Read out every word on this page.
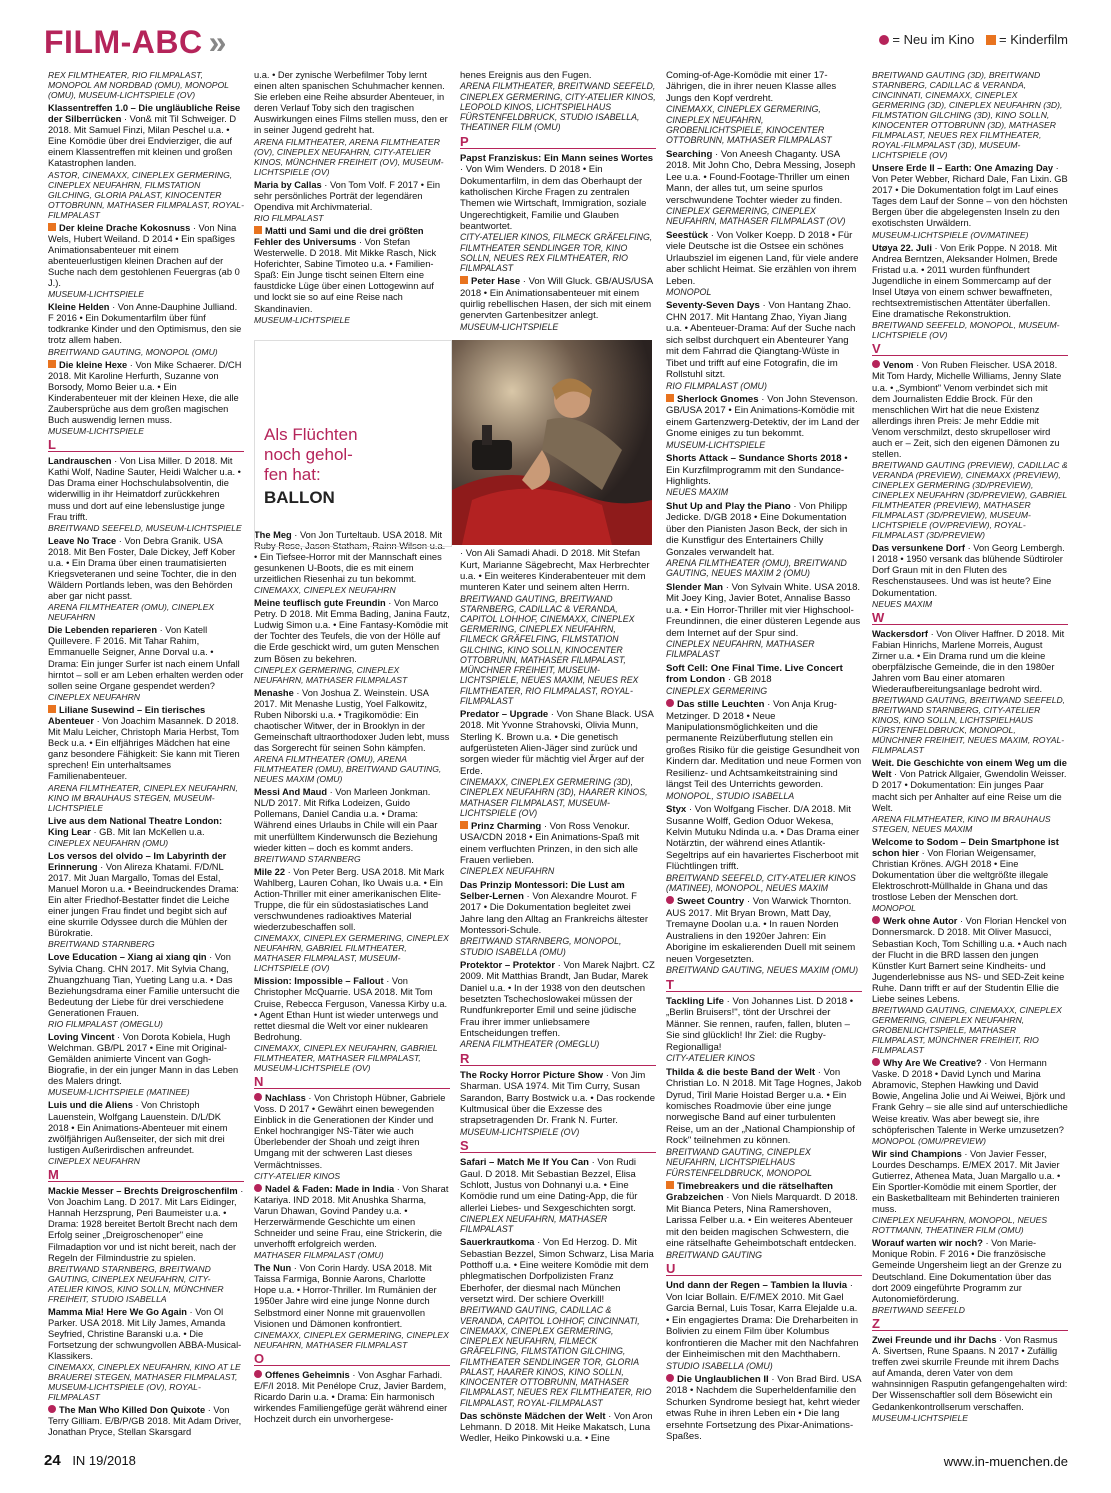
FILM-ABC »	= Neu im Kino = Kinderfilm
REX FILMTHEATER, RIO FILMPALAST, MONOPOL AM NORDBAD (OMU), MONOPOL (OMU), MUSEUM-LICHTSPIELE (OV)
Klassentreffen 1.0 – Die ungläubliche Reise der Silberrücken · Von& mit Til Schweiger. D 2018. Mit Samuel Finzi, Milan Peschel u.a. • Eine Komödie über drei Endvierziger, die auf einem Klassentreffen mit kleinen und großen Katastrophen landen.
ASTOR, CINEMAXX, CINEPLEX GERMERING, CINEPLEX NEUFAHRN, FILMSTATION GILCHING, GLORIA PALAST, KINOCENTER OTTOBRUNN, MATHASER FILMPALAST, ROYAL-FILMPALAST
Der kleine Drache Kokosnuss · Von Nina Wels, Hubert Weiland. D 2014 • Ein spaßiges Animationsabenteuer mit einem abenteuerlustigen kleinen Drachen auf der Suche nach dem gestohlenen Feuergras (ab 0 J.).
MUSEUM-LICHTSPIELE
Kleine Helden · Von Anne-Dauphine Julliand. F 2016 • Ein Dokumentarfilm über fünf todkranke Kinder und den Optimismus, den sie trotz allem haben.
BREITWAND GAUTING, MONOPOL (OMU)
Die kleine Hexe · Von Mike Schaerer. D/CH 2018. Mit Karoline Herfurth, Suzanne von Borsody, Momo Beier u.a. • Ein Kinderabenteuer mit der kleinen Hexe, die alle Zaubersprüche aus dem großen magischen Buch auswendig lernen muss.
MUSEUM-LICHTSPIELE
L
Landrauschen · Von Lisa Miller. D 2018. Mit Kathi Wolf, Nadine Sauter, Heidi Walcher u.a. • Das Drama einer Hochschulabsolventin, die widerwillig in ihr Heimatdorf zurückkehren muss und dort auf eine lebenslustige junge Frau trifft.
BREITWAND SEEFELD, MUSEUM-LICHTSPIELE
Leave No Trace · Von Debra Granik. USA 2018. Mit Ben Foster, Dale Dickey, Jeff Kober u.a. • Ein Drama über einen traumatisierten Kriegsveteranen und seine Tochter, die in den Wäldern Portlands leben, was den Behörden aber gar nicht passt.
ARENA FILMTHEATER (OMU), CINEPLEX NEUFAHRN
Die Lebenden reparieren · Von Katell Quillevere. F 2016. Mit Tahar Rahim, Emmanuelle Seigner, Anne Dorval u.a. • Drama: Ein junger Surfer ist nach einem Unfall hirntot – soll er am Leben erhalten werden oder sollen seine Organe gespendet werden?
CINEPLEX NEUFAHRN
Liliane Susewind – Ein tierisches Abenteuer · Von Joachim Masannek. D 2018. Mit Malu Leicher, Christoph Maria Herbst, Tom Beck u.a. • Ein elfjähriges Mädchen hat eine ganz besondere Fähigkeit: Sie kann mit Tieren sprechen! Ein unterhaltsames Familienabenteuer.
ARENA FILMTHEATER, CINEPLEX NEUFAHRN, KINO IM BRAUHAUS STEGEN, MUSEUM-LICHTSPIELE
Live aus dem National Theatre London: King Lear · GB. Mit Ian McKellen u.a.
CINEPLEX NEUFAHRN (OMU)
Los versos del olvido – Im Labyrinth der Erinnerung · Von Alireza Khatami. F/D/NL 2017. Mit Juan Margallo, Tomas del Estal, Manuel Moron u.a. • Beeindruckendes Drama: Ein alter Friedhof-Bestatter findet die Leiche einer jungen Frau findet und begibt sich auf eine skurrile Odyssee durch die Mühlen der Bürokratie.
BREITWAND STARNBERG
Love Education – Xiang ai xiang qin · Von Sylvia Chang. CHN 2017. Mit Sylvia Chang, Zhuangzhuang Tian, Yueting Lang u.a. • Das Beziehungsdrama einer Familie untersucht die Bedeutung der Liebe für drei verschiedene Generationen Frauen.
RIO FILMPALAST (OMEGLU)
Loving Vincent · Von Dorota Kobiela, Hugh Welchman. GB/PL 2017 • Eine mit Original-Gemälden animierte Vincent van Gogh-Biografie, in der ein junger Mann in das Leben des Malers dringt.
MUSEUM-LICHTSPIELE (MATINEE)
Luis und die Aliens · Von Christoph Lauenstein, Wolfgang Lauenstein. D/L/DK 2018 • Ein Animations-Abenteuer mit einem zwölfjährigen Außenseiter, der sich mit drei lustigen Außerirdischen anfreundet.
CINEPLEX NEUFAHRN
M
Mackie Messer – Brechts Dreigroschenfilm · Von Joachim Lang. D 2017. Mit Lars Eidinger, Hannah Herzsprung, Peri Baumeister u.a. • Drama: 1928 bereitet Bertolt Brecht nach dem Erfolg seiner „Dreigroschenoper" eine Filmadaption vor und ist nicht bereit, nach der Regeln der Filmindustrie zu spielen.
BREITWAND STARNBERG, BREITWAND GAUTING, CINEPLEX NEUFAHRN, CITY-ATELIER KINOS, KINO SOLLN, MÜNCHNER FREIHEIT, STUDIO ISABELLA
Mamma Mia! Here We Go Again · Von Ol Parker. USA 2018. Mit Lily James, Amanda Seyfried, Christine Baranski u.a. • Die Fortsetzung der schwungvollen ABBA-Musical-Klassikers.
CINEMAXX, CINEPLEX NEUFAHRN, KINO AT LE BRAUEREI STEGEN, MATHASER FILMPALAST, MUSEUM-LICHTSPIELE (OV), ROYAL-FILMPALAST
The Man Who Killed Don Quixote · Von Terry Gilliam. E/B/P/GB 2018. Mit Adam Driver, Jonathan Pryce, Stellan Skarsgard
u.a. • Der zynische Werbefilmer Toby lernt einen alten spanischen Schuhmacher kennen. Sie erleben eine Reihe absurder Abenteuer, in deren Verlauf Toby sich den tragischen Auswirkungen eines Films stellen muss, den er in seiner Jugend gedreht hat.
ARENA FILMTHEATER, ARENA FILMTHEATER (OV), CINEPLEX NEUFAHRN, CITY-ATELIER KINOS, MÜNCHNER FREIHEIT (OV), MUSEUM-LICHTSPIELE (OV)
Maria by Callas · Von Tom Volf. F 2017 • Ein sehr persönliches Porträt der legendären Opendiva mit Archivmaterial.
RIO FILMPALAST
Matti und Sami und die drei größten Fehler des Universums · Von Stefan Westerwelle. D 2018. Mit Mikke Rasch, Nick Hoferichter, Sabine Timoteo u.a. • Familien-Spaß: Ein Junge tischt seinen Eltern eine faustdicke Lüge über einen Lottogewinn auf und lockt sie so auf eine Reise nach Skandinavien.
MUSEUM-LICHTSPIELE
The Meg · Von Jon Turteltaub. USA 2018. Mit Ruby Rose, Jason Statham, Rainn Wilson u.a. • Ein Tiefsee-Horror mit der Mannschaft eines gesunkenen U-Boots, die es mit einem urzeitlichen Riesenhai zu tun bekommt.
CINEMAXX, CINEPLEX NEUFAHRN
Meine teuflisch gute Freundin · Von Marco Petry. D 2018. Mit Emma Bading, Janina Fautz, Ludwig Simon u.a. • Eine Fantasy-Komödie mit der Tochter des Teufels, die von der Hölle auf die Erde geschickt wird, um guten Menschen zum Bösen zu bekehren.
CINEPLEX GERMERING, CINEPLEX NEUFAHRN, MATHASER FILMPALAST
Menashe · Von Joshua Z. Weinstein. USA 2017. Mit Menashe Lustig, Yoel Falkowitz, Ruben Niborski u.a. • Tragikomödie: Ein chaotischer Witwer, der in Brooklyn in der Gemeinschaft ultraorthodoxer Juden lebt, muss das Sorgerecht für seinen Sohn kämpfen.
ARENA FILMTHEATER (OMU), ARENA FILMTHEATER (OMU), BREITWAND GAUTING, NEUES MAXIM (OMU)
Messi And Maud · Von Marleen Jonkman. NL/D 2017. Mit Rifka Lodeizen, Guido Pollemans, Daniel Candia u.a. • Drama: Während eines Urlaubs in Chile will ein Paar mit unerfülltem Kinderwunsch die Beziehung wieder kitten – doch es kommt anders.
BREITWAND STARNBERG
Mile 22 · Von Peter Berg. USA 2018. Mit Mark Wahlberg, Lauren Cohan, Iko Uwais u.a. • Ein Action-Thriller mit einer amerikanischen Elite-Truppe, die für ein südostasiatisches Land verschwundenes radioaktives Material wiederzubeschaffen soll.
CINEMAXX, CINEPLEX GERMERING, CINEPLEX NEUFAHRN, GABRIEL FILMTHEATER, MATHASER FILMPALAST, MUSEUM-LICHTSPIELE (OV)
Mission: Impossible – Fallout · Von Christopher McQuarrie. USA 2018. Mit Tom Cruise, Rebecca Ferguson, Vanessa Kirby u.a. • Agent Ethan Hunt ist wieder unterwegs und rettet diesmal die Welt vor einer nuklearen Bedrohung.
CINEMAXX, CINEPLEX NEUFAHRN, GABRIEL FILMTHEATER, MATHASER FILMPALAST, MUSEUM-LICHTSPIELE (OV)
N
Nachlass · Von Christoph Hübner, Gabriele Voss. D 2017 • Gewährt einen bewegenden Einblick in die Generationen der Kinder und Enkel hochrangiger NS-Täter wie auch Überlebender der Shoah und zeigt ihren Umgang mit der schweren Last dieses Vermächtnisses.
CITY-ATELIER KINOS
Nadel & Faden: Made in India · Von Sharat Katariya. IND 2018. Mit Anushka Sharma, Varun Dhawan, Govind Pandey u.a. • Herzerwärmende Geschichte um einen Schneider und seine Frau, eine Strickerin, die unverhofft erfolgreich werden.
MATHASER FILMPALAST (OMU)
The Nun · Von Corin Hardy. USA 2018. Mit Taissa Farmiga, Bonnie Aarons, Charlotte Hope u.a. • Horror-Thriller. Im Rumänien der 1950er Jahre wird eine junge Nonne durch Selbstmord einer Nonne mit grauenvollen Visionen und Dämonen konfrontiert.
CINEMAXX, CINEPLEX GERMERING, CINEPLEX NEUFAHRN, MATHASER FILMPALAST
O
Offenes Geheimnis · Von Asghar Farhadi. E/F/I 2018. Mit Penélope Cruz, Javier Bardem, Ricardo Darin u.a. • Drama: Ein harmonisch wirkendes Familiengefüge gerät während einer Hochzeit durch ein unvorhergese-
henes Ereignis aus den Fugen.
ARENA FILMTHEATER, BREITWAND SEEFELD, CINEPLEX GERMERING, CITY-ATELIER KINOS, LEOPOLD KINOS, LICHTSPIELHAUS FÜRSTENFELDBRUCK, STUDIO ISABELLA, THEATINER FILM (OMU)
P
Papst Franziskus: Ein Mann seines Wortes · Von Wim Wenders. D 2018 • Ein Dokumentarfilm, in dem das Oberhaupt der katholischen Kirche Fragen zu zentralen Themen wie Wirtschaft, Immigration, soziale Ungerechtigkeit, Familie und Glauben beantwortet.
CITY-ATELIER KINOS, FILMECK GRÄFELFING, FILMTHEATER SENDLINGER TOR, KINO SOLLN, NEUES REX FILMTHEATER, RIO FILMPALAST
Peter Hase · Von Will Gluck. GB/AUS/USA 2018 • Ein Animationsabenteuer mit einem quirlig rebellischen Hasen, der sich mit einem genervten Gartenbesitzer anlegt.
MUSEUM-LICHTSPIELE
· Von Ali Samadi Ahadi. D 2018. Mit Stefan Kurt, Marianne Sägebrecht, Max Herbrechter u.a. • Ein weiteres Kinderabenteuer mit dem munteren Kater und seinem alten Herrn.
BREITWAND GAUTING, BREITWAND STARNBERG, CADILLAC & VERANDA, CAPITOL LOHHOF, CINEMAXX, CINEPLEX GERMERING, CINEPLEX NEUFAHRN, FILMECK GRÄFELFING, FILMSTATION GILCHING, KINO SOLLN, KINOCENTER OTTOBRUNN, MATHASER FILMPALAST, MÜNCHNER FREIHEIT, MUSEUM-LICHTSPIELE, NEUES MAXIM, NEUES REX FILMTHEATER, RIO FILMPALAST, ROYAL-FILMPALAST
Predator – Upgrade · Von Shane Black. USA 2018. Mit Yvonne Strahovski, Olivia Munn, Sterling K. Brown u.a. • Die genetisch aufgerüsteten Alien-Jäger sind zurück und sorgen wieder für mächtig viel Ärger auf der Erde.
CINEMAXX, CINEPLEX GERMERING (3D), CINEPLEX NEUFAHRN (3D), HAARER KINOS, MATHASER FILMPALAST, MUSEUM-LICHTSPIELE (OV)
Prinz Charming · Von Ross Venokur. USA/CDN 2018 • Ein Animations-Spaß mit einem verfluchten Prinzen, in den sich alle Frauen verlieben.
CINEPLEX NEUFAHRN
Das Prinzip Montessori: Die Lust am Selber-Lernen · Von Alexandre Mourot. F 2017 • Die Dokumentation begleitet zwei Jahre lang den Alltag an Frankreichs ältester Montessori-Schule.
BREITWAND STARNBERG, MONOPOL, STUDIO ISABELLA (OMU)
Protektor – Protektor · Von Marek Najbrt. CZ 2009. Mit Matthias Brandt, Jan Budar, Marek Daniel u.a. • In der 1938 von den deutschen besetzten Tschechoslowakei müssen der Rundfunkreporter Emil und seine jüdische Frau ihrer immer unliebsamere Entscheidungen treffen.
ARENA FILMTHEATER (OMEGLU)
R
The Rocky Horror Picture Show · Von Jim Sharman. USA 1974. Mit Tim Curry, Susan Sarandon, Barry Bostwick u.a. • Das rockende Kultmusical über die Exzesse des strapsetragenden Dr. Frank N. Furter.
MUSEUM-LICHTSPIELE (OV)
S
Safari – Match Me If You Can · Von Rudi Gaul. D 2018. Mit Sebastian Bezzel, Elisa Schlott, Justus von Dohnanyi u.a. • Eine Komödie rund um eine Dating-App, die für allerlei Liebes- und Sexgeschichten sorgt.
CINEPLEX NEUFAHRN, MATHASER FILMPALAST
Sauerkrautkoma · Von Ed Herzog. D. Mit Sebastian Bezzel, Simon Schwarz, Lisa Maria Potthoff u.a. • Eine weitere Komödie mit dem phlegmatischen Dorfpolizisten Franz Eberhofer, der diesmal nach München versetzt wird. Der schiere Overkill!
BREITWAND GAUTING, CADILLAC & VERANDA, CAPITOL LOHHOF, CINCINNATI, CINEMAXX, CINEPLEX GERMERING, CINEPLEX NEUFAHRN, FILMECK GRÄFELFING, FILMSTATION GILCHING, FILMTHEATER SENDLINGER TOR, GLORIA PALAST, HAARER KINOS, KINO SOLLN, KINOCENTER OTTOBRUNN, MATHASER FILMPALAST, NEUES REX FILMTHEATER, RIO FILMPALAST, ROYAL-FILMPALAST
Das schönste Mädchen der Welt · Von Aron Lehmann. D 2018. Mit Heike Makatsch, Luna Wedler, Heiko Pinkowski u.a. • Eine
Coming-of-Age-Komödie mit einer 17-Jährigen, die in ihrer neuen Klasse alles Jungs den Kopf verdreht.
CINEMAXX, CINEPLEX GERMERING, CINEPLEX NEUFAHRN, GROBENLICHTSPIELE, KINOCENTER OTTOBRUNN, MATHASER FILMPALAST
Searching · Von Aneesh Chaganty. USA 2018. Mit John Cho, Debra Messing, Joseph Lee u.a. • Found-Footage-Thriller um einen Mann, der alles tut, um seine spurlos verschwundene Tochter wieder zu finden.
CINEPLEX GERMERING, CINEPLEX NEUFAHRN, MATHASER FILMPALAST (OV)
Seestück · Von Volker Koepp. D 2018 • Für viele Deutsche ist die Ostsee ein schönes Urlaubsziel im eigenen Land, für viele andere aber schlicht Heimat. Sie erzählen von ihrem Leben.
MONOPOL
Seventy-Seven Days · Von Hantang Zhao. CHN 2017. Mit Hantang Zhao, Yiyan Jiang u.a. • Abenteuer-Drama: Auf der Suche nach sich selbst durchquert ein Abenteurer Yang mit dem Fahrrad die Qiangtang-Wüste in Tibet und trifft auf eine Fotografin, die im Rollstuhl sitzt.
RIO FILMPALAST (OMU)
Sherlock Gnomes · Von John Stevenson. GB/USA 2017 • Ein Animations-Komödie mit einem Gartenzwerg-Detektiv, der im Land der Gnome einiges zu tun bekommt.
MUSEUM-LICHTSPIELE
Shorts Attack – Sundance Shorts 2018 • Ein Kurzfilmprogramm mit den Sundance-Highlights.
NEUES MAXIM
Shut Up and Play the Piano · Von Philipp Jedicke. D/GB 2018 • Eine Dokumentation über den Pianisten Jason Beck, der sich in die Kunstfigur des Entertainers Chilly Gonzales verwandelt hat.
ARENA FILMTHEATER (OMU), BREITWAND GAUTING, NEUES MAXIM 2 (OMU)
Slender Man · Von Sylvain White. USA 2018. Mit Joey King, Javier Botet, Annalise Basso u.a. • Ein Horror-Thriller mit vier Highschool-Freundinnen, die einer düsteren Legende aus dem Internet auf der Spur sind.
CINEPLEX NEUFAHRN, MATHASER FILMPALAST
Soft Cell: One Final Time. Live Concert from London · GB 2018
CINEPLEX GERMERING
Das stille Leuchten · Von Anja Krug-Metzinger. D 2018 • Neue Manipulationsmöglichkeiten und die permanente Reizüberflutung stellen ein großes Risiko für die geistige Gesundheit von Kindern dar. Meditation und neue Formen von Resilienz- und Achtsamkeitstraining sind längst Teil des Unterrichts geworden.
MONOPOL, STUDIO ISABELLA
Styx · Von Wolfgang Fischer. D/A 2018. Mit Susanne Wolff, Gedion Oduor Wekesa, Kelvin Mutuku Ndinda u.a. • Das Drama einer Notärztin, der während eines Atlantik-Segeltrips auf ein havariertes Fischerboot mit Flüchtlingen trifft.
BREITWAND SEEFELD, CITY-ATELIER KINOS (MATINEE), MONOPOL, NEUES MAXIM
Sweet Country · Von Warwick Thornton. AUS 2017. Mit Bryan Brown, Matt Day, Tremayne Doolan u.a. • In rauen Norden Australiens in den 1920er Jahren: Ein Aborigine im eskalierenden Duell mit seinem neuen Vorgesetzten.
BREITWAND GAUTING, NEUES MAXIM (OMU)
T
Tackling Life · Von Johannes List. D 2018 • „Berlin Bruisers!", tönt der Urschrei der Männer. Sie rennen, raufen, fallen, bluten – Sie sind glücklich! Ihr Ziel: die Rugby-Regionalliga!
CITY-ATELIER KINOS
Thilda & die beste Band der Welt · Von Christian Lo. N 2018. Mit Tage Hognes, Jakob Dyrud, Tiril Marie Hoistad Berger u.a. • Ein komisches Roadmovie über eine junge norwegische Band auf einer turbulenten Reise, um an der „National Championship of Rock" teilnehmen zu können.
BREITWAND GAUTING, CINEPLEX NEUFAHRN, LICHTSPIELHAUS FÜRSTENFELDBRUCK, MONOPOL
Timebreakers und die rätselhaften Grabzeichen · Von Niels Marquardt. D 2018. Mit Bianca Peters, Nina Ramershoven, Larissa Felber u.a. • Ein weiteres Abenteuer mit den beiden magischen Schwestern, die eine rätselhafte Geheimbotschaft entdecken.
BREITWAND GAUTING
U
Und dann der Regen – Tambien la lluvia · Von Iciar Bollain. E/F/MEX 2010. Mit Gael Garcia Bernal, Luis Tosar, Karra Elejalde u.a. • Ein engagiertes Drama: Die Dreharbeiten in Bolivien zu einem Film über Kolumbus konfrontieren die Macher mit den Nachfahren der Einheimischen mit den Machthabern.
STUDIO ISABELLA (OMU)
Die Unglaublichen II · Von Brad Bird. USA 2018 • Nachdem die Superheldenfamilie den Schurken Syndrome besiegt hat, kehrt wieder etwas Ruhe in ihren Leben ein • Die lang ersehnte Fortsetzung des Pixar-Animations-Spaßes.
BREITWAND GAUTING (3D), BREITWAND STARNBERG, CADILLAC & VERANDA, CINCINNATI, CINEMAXX, CINEPLEX GERMERING (3D), CINEPLEX NEUFAHRN (3D), FILMSTATION GILCHING (3D), KINO SOLLN, KINOCENTER OTTOBRUNN (3D), MATHASER FILMPALAST, NEUES REX FILMTHEATER, ROYAL-FILMPALAST (3D), MUSEUM-LICHTSPIELE (OV)
Unsere Erde II – Earth: One Amazing Day · Von Peter Webber, Richard Dale, Fan Lixin. GB 2017 • Die Dokumentation folgt im Lauf eines Tages dem Lauf der Sonne – von den höchsten Bergen über die abgelegensten Inseln zu den exotischsten Urwäldern.
MUSEUM-LICHTSPIELE (OV/MATINEE)
Utøya 22. Juli · Von Erik Poppe. N 2018. Mit Andrea Berntzen, Aleksander Holmen, Brede Fristad u.a. • 2011 wurden fünfhundert Jugendliche in einem Sommercamp auf der Insel Utøya von einem schwer bewaffneten, rechtsextremistischen Attentäter überfallen. Eine dramatische Rekonstruktion.
BREITWAND SEEFELD, MONOPOL, MUSEUM-LICHTSPIELE (OV)
V
Venom · Von Ruben Fleischer. USA 2018. Mit Tom Hardy, Michelle Williams, Jenny Slate u.a. • „Symbiont" Venom verbindet sich mit dem Journalisten Eddie Brock. Für den menschlichen Wirt hat die neue Existenz allerdings ihren Preis: Je mehr Eddie mit Venom verschmilzt, desto skrupelloser wird auch er – Zeit, sich den eigenen Dämonen zu stellen.
BREITWAND GAUTING (PREVIEW), CADILLAC & VERANDA (PREVIEW), CINEMAXX (PREVIEW), CINEPLEX GERMERING (3D/PREVIEW), CINEPLEX NEUFAHRN (3D/PREVIEW), GABRIEL FILMTHEATER (PREVIEW), MATHASER FILMPALAST (3D/PREVIEW), MUSEUM-LICHTSPIELE (OV/PREVIEW), ROYAL-FILMPALAST (3D/PREVIEW)
Das versunkene Dorf · Von Georg Lembergh. I 2018 • 1950 versank das blühende Südtiroler Dorf Graun mit in den Fluten des Reschenstausees. Und was ist heute? Eine Dokumentation.
NEUES MAXIM
W
Wackersdorf · Von Oliver Haffner. D 2018. Mit Fabian Hinrichs, Marlene Morreis, August Zirner u.a. • Ein Drama rund um die kleine oberpfälzische Gemeinde, die in den 1980er Jahren vom Bau einer atomaren Wiederaufbereitungsanlage bedroht wird.
BREITWAND GAUTING, BREITWAND SEEFELD, BREITWAND STARNBERG, CITY-ATELIER KINOS, KINO SOLLN, LICHTSPIELHAUS FÜRSTENFELDBRUCK, MONOPOL, MÜNCHNER FREIHEIT, NEUES MAXIM, ROYAL-FILMPALAST
Weit. Die Geschichte von einem Weg um die Welt · Von Patrick Allgaier, Gwendolin Weisser. D 2017 • Dokumentation: Ein junges Paar macht sich per Anhalter auf eine Reise um die Welt.
ARENA FILMTHEATER, KINO IM BRAUHAUS STEGEN, NEUES MAXIM
Welcome to Sodom – Dein Smartphone ist schon hier · Von Florian Weigensamer, Christian Krönes. A/GH 2018 • Eine Dokumentation über die weltgrößte illegale Elektroschrott-Müllhalde in Ghana und das trostlose Leben der Menschen dort.
MONOPOL
Werk ohne Autor · Von Florian Henckel von Donnersmarck. D 2018. Mit Oliver Masucci, Sebastian Koch, Tom Schilling u.a. • Auch nach der Flucht in die BRD lassen den jungen Künstler Kurt Barnert seine Kindheits- und Jugenderlebnisse aus NS- und SED-Zeit keine Ruhe. Dann trifft er auf der Studentin Ellie die Liebe seines Lebens.
BREITWAND GAUTING, CINEMAXX, CINEPLEX GERMERING, CINEPLEX NEUFAHRN, GROBENLICHTSPIELE, MATHASER FILMPALAST, MÜNCHNER FREIHEIT, RIO FILMPALAST
Why Are We Creative? · Von Hermann Vaske. D 2018 • David Lynch und Marina Abramovic, Stephen Hawking und David Bowie, Angelina Jolie und Ai Weiwei, Björk und Frank Gehry – sie alle sind auf unterschiedliche Weise kreativ. Was aber bewegt sie, ihre schöpferischen Talente in Werke umzusetzen?
MONOPOL (OMU/PREVIEW)
Wir sind Champions · Von Javier Fesser, Lourdes Deschamps. E/MEX 2017. Mit Javier Gutierrez, Athenea Mata, Juan Margallo u.a. • Ein Sportler-Komödie mit einem Sportler, der ein Basketballteam mit Behinderten trainieren muss.
CINEPLEX NEUFAHRN, MONOPOL, NEUES ROTTMANN, THEATINER FILM (OMU)
Worauf warten wir noch? · Von Marie-Monique Robin. F 2016 • Die französische Gemeinde Ungersheim liegt an der Grenze zu Deutschland. Eine Dokumentation über das dort 2009 eingeführte Programm zur Autonomieförderung.
BREITWAND SEEFELD
Z
Zwei Freunde und ihr Dachs · Von Rasmus A. Sivertsen, Rune Spaans. N 2017 • Zufällig treffen zwei skurrile Freunde mit ihrem Dachs auf Amanda, deren Vater von dem wahnsinnigen Rasputin gefangengehalten wird: Der Wissenschaftler soll dem Bösewicht ein Gedankenkontrollserum verschaffen.
MUSEUM-LICHTSPIELE
Als Flüchten noch gehol-fen hat:
BALLON
24 IN 19/2018	www.in-muenchen.de
